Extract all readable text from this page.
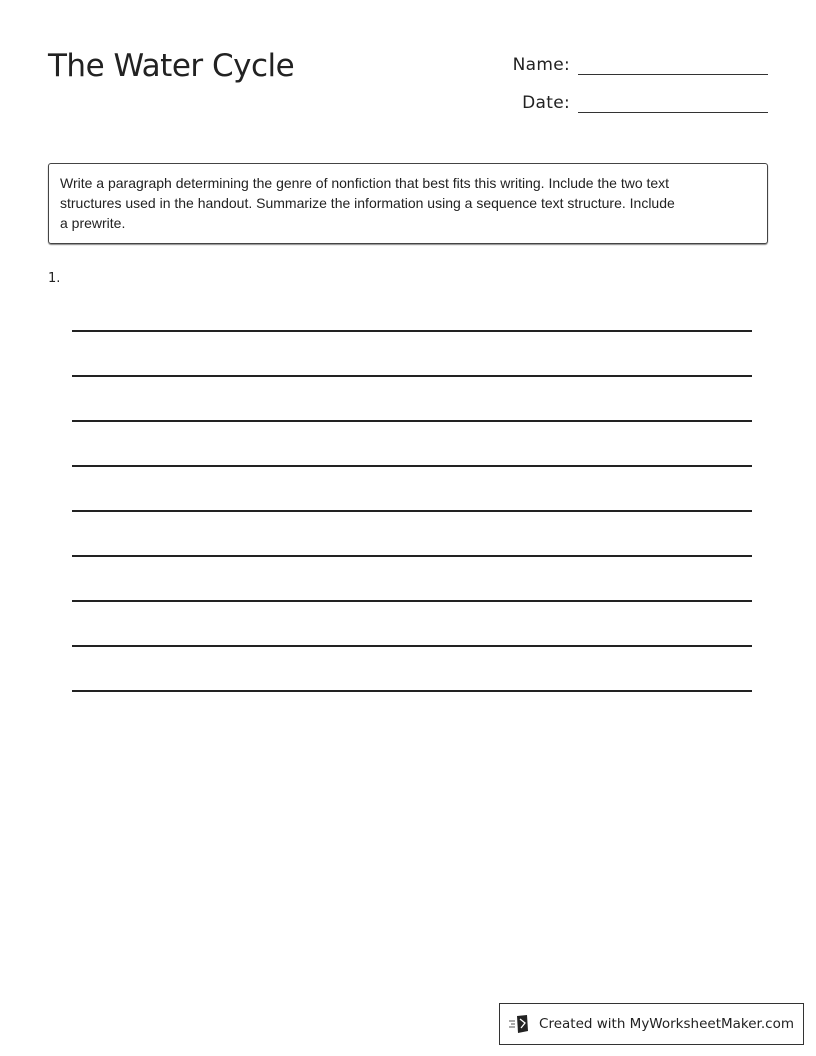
The Water Cycle	Name:
Date:
Write a paragraph determining the genre of nonfiction that best fits this writing. Include the two text
structures used in the handout. Summarize the information using a sequence text structure. Include
a prewrite.
1.
Created with MyWorksheetMaker.com
